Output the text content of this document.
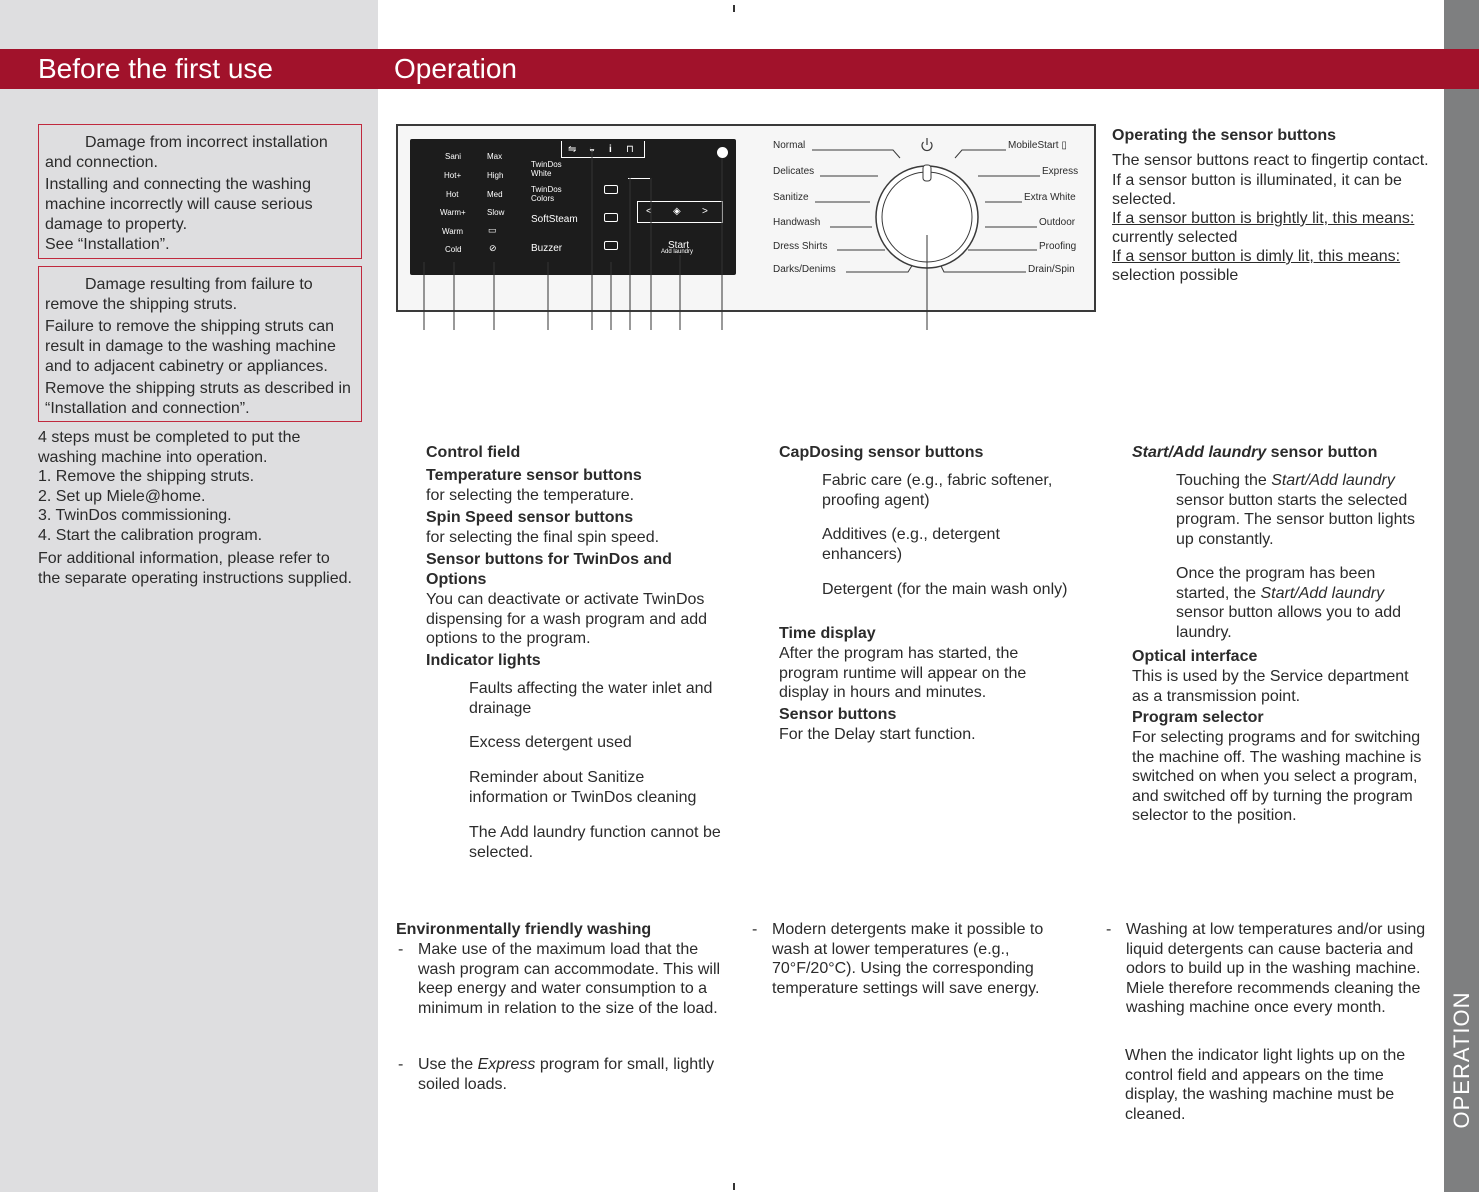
Before the first use	Operation
OPERATION

Damage from incorrect installation and connection.

Installing and connecting the washing machine incorrectly will cause serious damage to property.

See “Installation”.

Damage resulting from failure to remove the shipping struts.

Failure to remove the shipping struts can result in damage to the washing machine and to adjacent cabinetry or appliances.

Remove the shipping struts as described in “Installation and connection”.

4 steps must be completed to put the washing machine into operation.
1. Remove the shipping struts.
2. Set up Miele@home.
3. TwinDos commissioning.
4. Start the calibration program.
For additional information, please refer to the separate operating instructions supplied.
Sani
Hot+
Hot
Warm+
Warm
Cold
Max
High
Med
Slow
▭
⊘
TwinDos
White
TwinDos
Colors
SoftSteam
Buzzer
⇋ ◒ i ⊓
< ◈ >
Start
Add laundry
Normal
Delicates
Sanitize
Handwash
Dress Shirts
Darks/Denims
MobileStart ▯
Express
Extra White
Outdoor
Proofing
Drain/Spin
Operating the sensor buttons
The sensor buttons react to fingertip contact. If a sensor button is illuminated, it can be selected.
If a sensor button is brightly lit, this means:
currently selected
If a sensor button is dimly lit, this means:
selection possible
Control field
Temperature sensor buttons
for selecting the temperature.
Spin Speed sensor buttons
for selecting the final spin speed.
Sensor buttons for TwinDos and Options
You can deactivate or activate TwinDos dispensing for a wash program and add options to the program.
Indicator lights
Faults affecting the water inlet and drainage
Excess detergent used
Reminder about Sanitize information or TwinDos cleaning
The Add laundry function cannot be selected.
CapDosing sensor buttons
Fabric care (e.g., fabric softener, proofing agent)
Additives (e.g., detergent enhancers)
Detergent (for the main wash only)
Time display
After the program has started, the program runtime will appear on the display in hours and minutes.
Sensor buttons
For the Delay start function.
Start/Add laundry sensor button
Touching the Start/Add laundry sensor button starts the selected program. The sensor button lights up constantly.
Once the program has been started, the Start/Add laundry sensor button allows you to add laundry.
Optical interface
This is used by the Service department as a transmission point.
Program selector
For selecting programs and for switching the machine off. The washing machine is switched on when you select a program, and switched off by turning the program selector to the position.
Environmentally friendly washing
- Make use of the maximum load that the wash program can accommodate. This will keep energy and water consumption to a minimum in relation to the size of the load.
- Use the Express program for small, lightly soiled loads.
- Modern detergents make it possible to wash at lower temperatures (e.g., 70°F/20°C). Using the corresponding temperature settings will save energy.
- Washing at low temperatures and/or using liquid detergents can cause bacteria and odors to build up in the washing machine. Miele therefore recommends cleaning the washing machine once every month.
When the indicator light lights up on the control field and appears on the time display, the washing machine must be cleaned.
